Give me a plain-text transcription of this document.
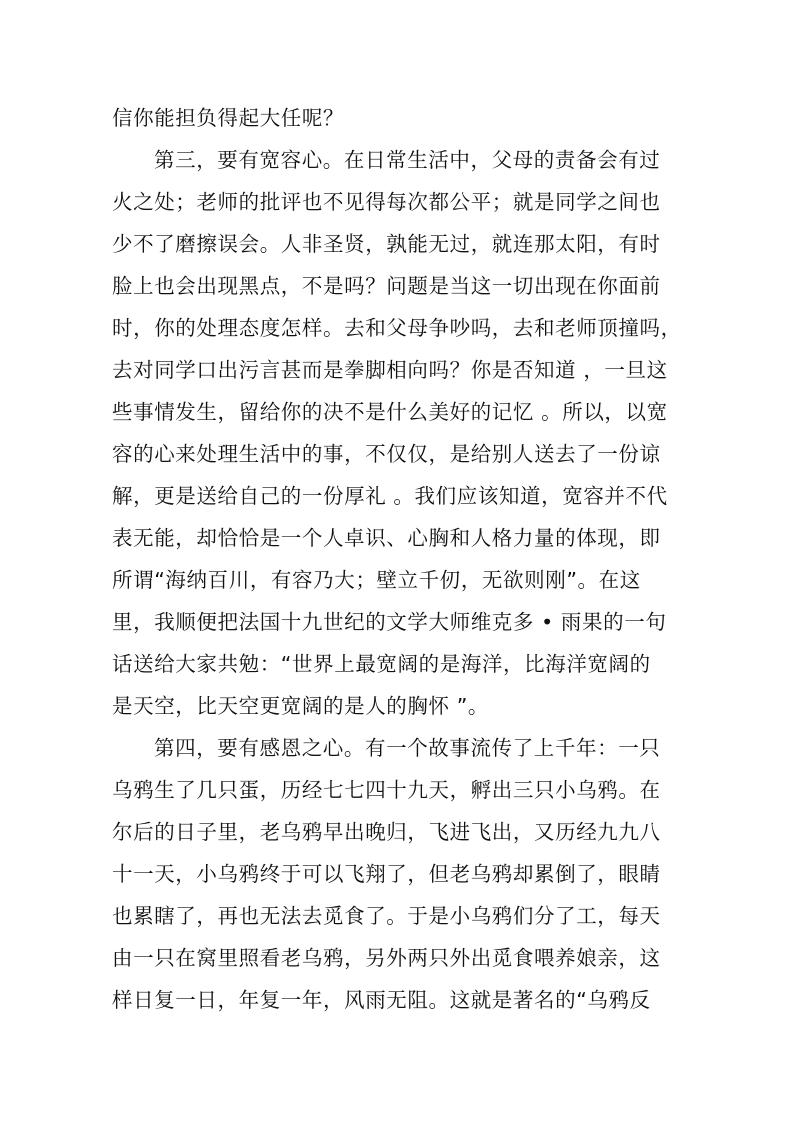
信你能担负得起大任呢？
第三，要有宽容心。在日常生活中，父母的责备会有过
火之处；老师的批评也不见得每次都公平；就是同学之间也
少不了磨擦误会。人非圣贤，孰能无过，就连那太阳，有时
脸上也会出现黑点，不是吗？问题是当这一切出现在你面前
时，你的处理态度怎样。去和父母争吵吗，去和老师顶撞吗，
去对同学口出污言甚而是拳脚相向吗？你是否知道 ，一旦这
些事情发生，留给你的决不是什么美好的记忆 。所以，以宽
容的心来处理生活中的事，不仅仅，是给别人送去了一份谅
解，更是送给自己的一份厚礼 。我们应该知道，宽容并不代
表无能，却恰恰是一个人卓识、心胸和人格力量的体现，即
所谓“海纳百川，有容乃大；壁立千仞，无欲则刚”。在这
里，我顺便把法国十九世纪的文学大师维克多 • 雨果的一句
话送给大家共勉：“世界上最宽阔的是海洋，比海洋宽阔的
是天空，比天空更宽阔的是人的胸怀 ”。
第四，要有感恩之心。有一个故事流传了上千年：一只
乌鸦生了几只蛋，历经七七四十九天，孵出三只小乌鸦。在
尔后的日子里，老乌鸦早出晚归，飞进飞出，又历经九九八
十一天，小乌鸦终于可以飞翔了，但老乌鸦却累倒了，眼睛
也累瞎了，再也无法去觅食了。于是小乌鸦们分了工，每天
由一只在窝里照看老乌鸦，另外两只外出觅食喂养娘亲，这
样日复一日，年复一年，风雨无阻。这就是著名的“乌鸦反
